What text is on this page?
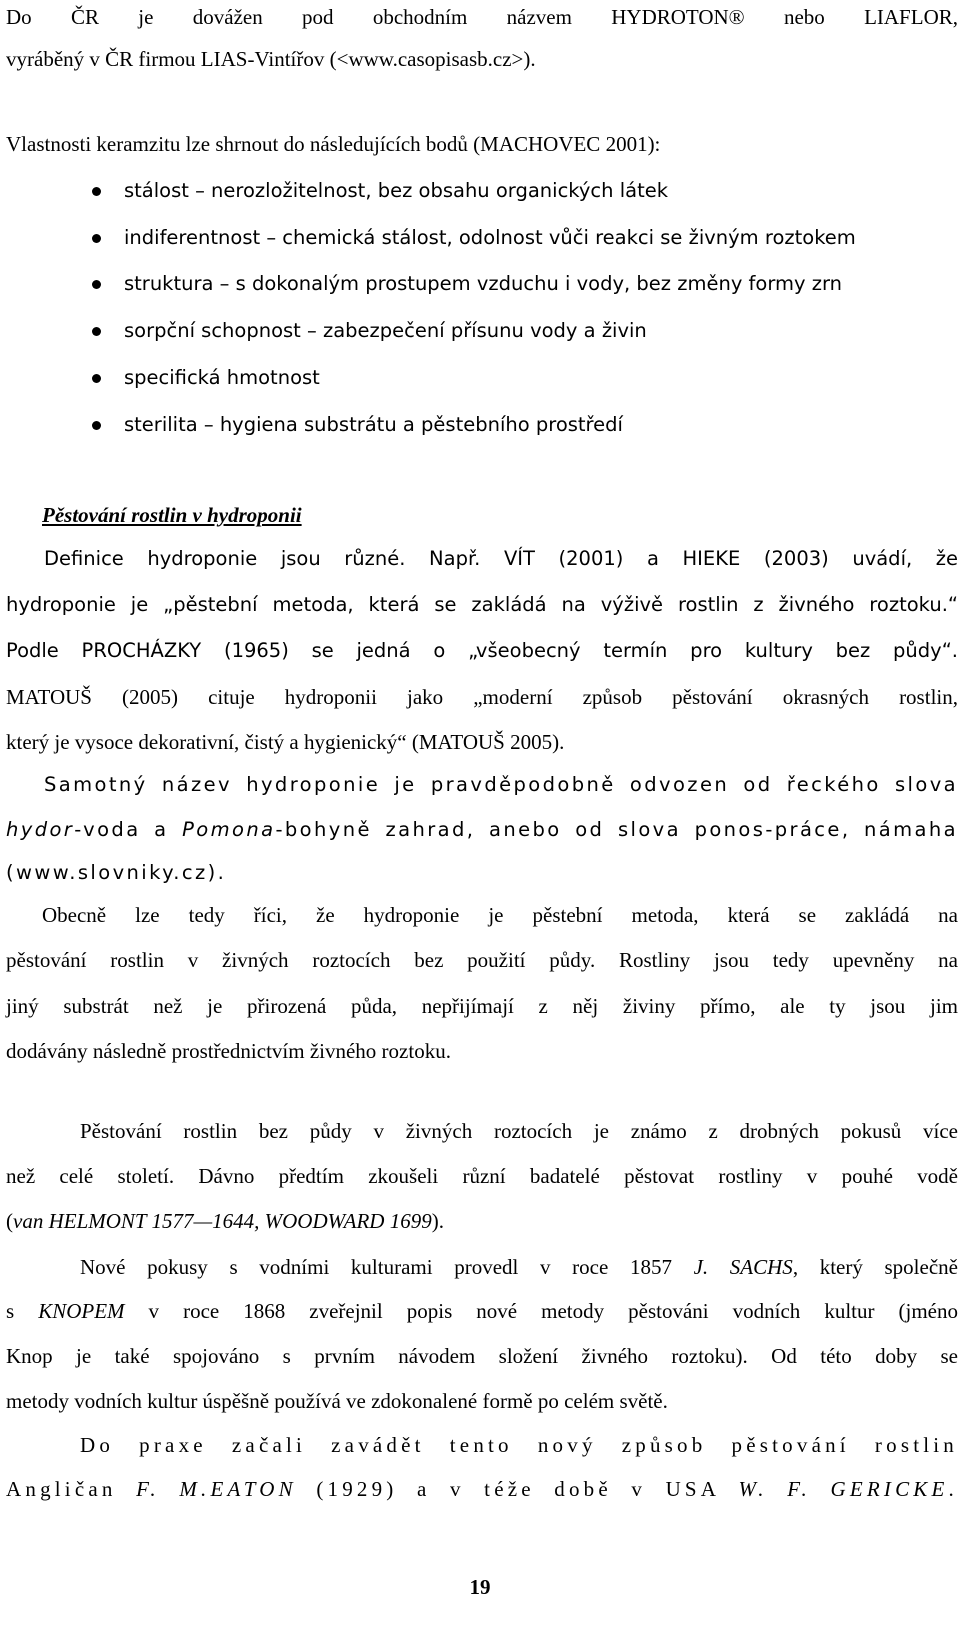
Do ČR je dovážen pod obchodním názvem HYDROTON® nebo LIAFLOR,
vyráběný v ČR firmou LIAS-Vintířov (<www.casopisasb.cz>).
Vlastnosti keramzitu lze shrnout do následujících bodů (MACHOVEC 2001):
stálost – nerozložitelnost, bez obsahu organických látek
indiferentnost – chemická stálost, odolnost vůči reakci se živným roztokem
struktura – s dokonalým prostupem vzduchu i vody, bez změny formy zrn
sorpční schopnost – zabezpečení přísunu vody a živin
specifická hmotnost
sterilita – hygiena substrátu a pěstebního prostředí
Pěstování rostlin v hydroponii
Definice hydroponie jsou různé. Např. VÍT (2001) a HIEKE (2003) uvádí, že
hydroponie je „pěstební metoda, která se zakládá na výživě rostlin z živného roztoku.“
Podle PROCHÁZKY (1965) se jedná o „všeobecný termín pro kultury bez půdy“.
MATOUŠ (2005) cituje hydroponii jako „moderní způsob pěstování okrasných rostlin,
který je vysoce dekorativní, čistý a hygienický“ (MATOUŠ 2005).
Samotný název hydroponie je pravděpodobně odvozen od řeckého slova
hydor-voda a Pomona-bohyně zahrad, anebo od slova ponos-práce, námaha
(www.slovniky.cz).
Obecně lze tedy říci, že hydroponie je pěstební metoda, která se zakládá na
pěstování rostlin v živných roztocích bez použití půdy. Rostliny jsou tedy upevněny na
jiný substrát než je přirozená půda, nepřijímají z něj živiny přímo, ale ty jsou jim
dodávány následně prostřednictvím živného roztoku.
Pěstování rostlin bez půdy v živných roztocích je známo z drobných pokusů více
než celé století. Dávno předtím zkoušeli různí badatelé pěstovat rostliny v pouhé vodě
(van HELMONT 1577—1644, WOODWARD 1699).
Nové pokusy s vodními kulturami provedl v roce 1857 J. SACHS, který společně
s KNOPEM v roce 1868 zveřejnil popis nové metody pěstováni vodních kultur (jméno
Knop je také spojováno s prvním návodem složení živného roztoku). Od této doby se
metody vodních kultur úspěšně používá ve zdokonalené formě po celém světě.
Do praxe začali zavádět tento nový způsob pěstování rostlin
Angličan F. M.EATON (1929) a v téže době v USA W. F. GERICKE.
19
